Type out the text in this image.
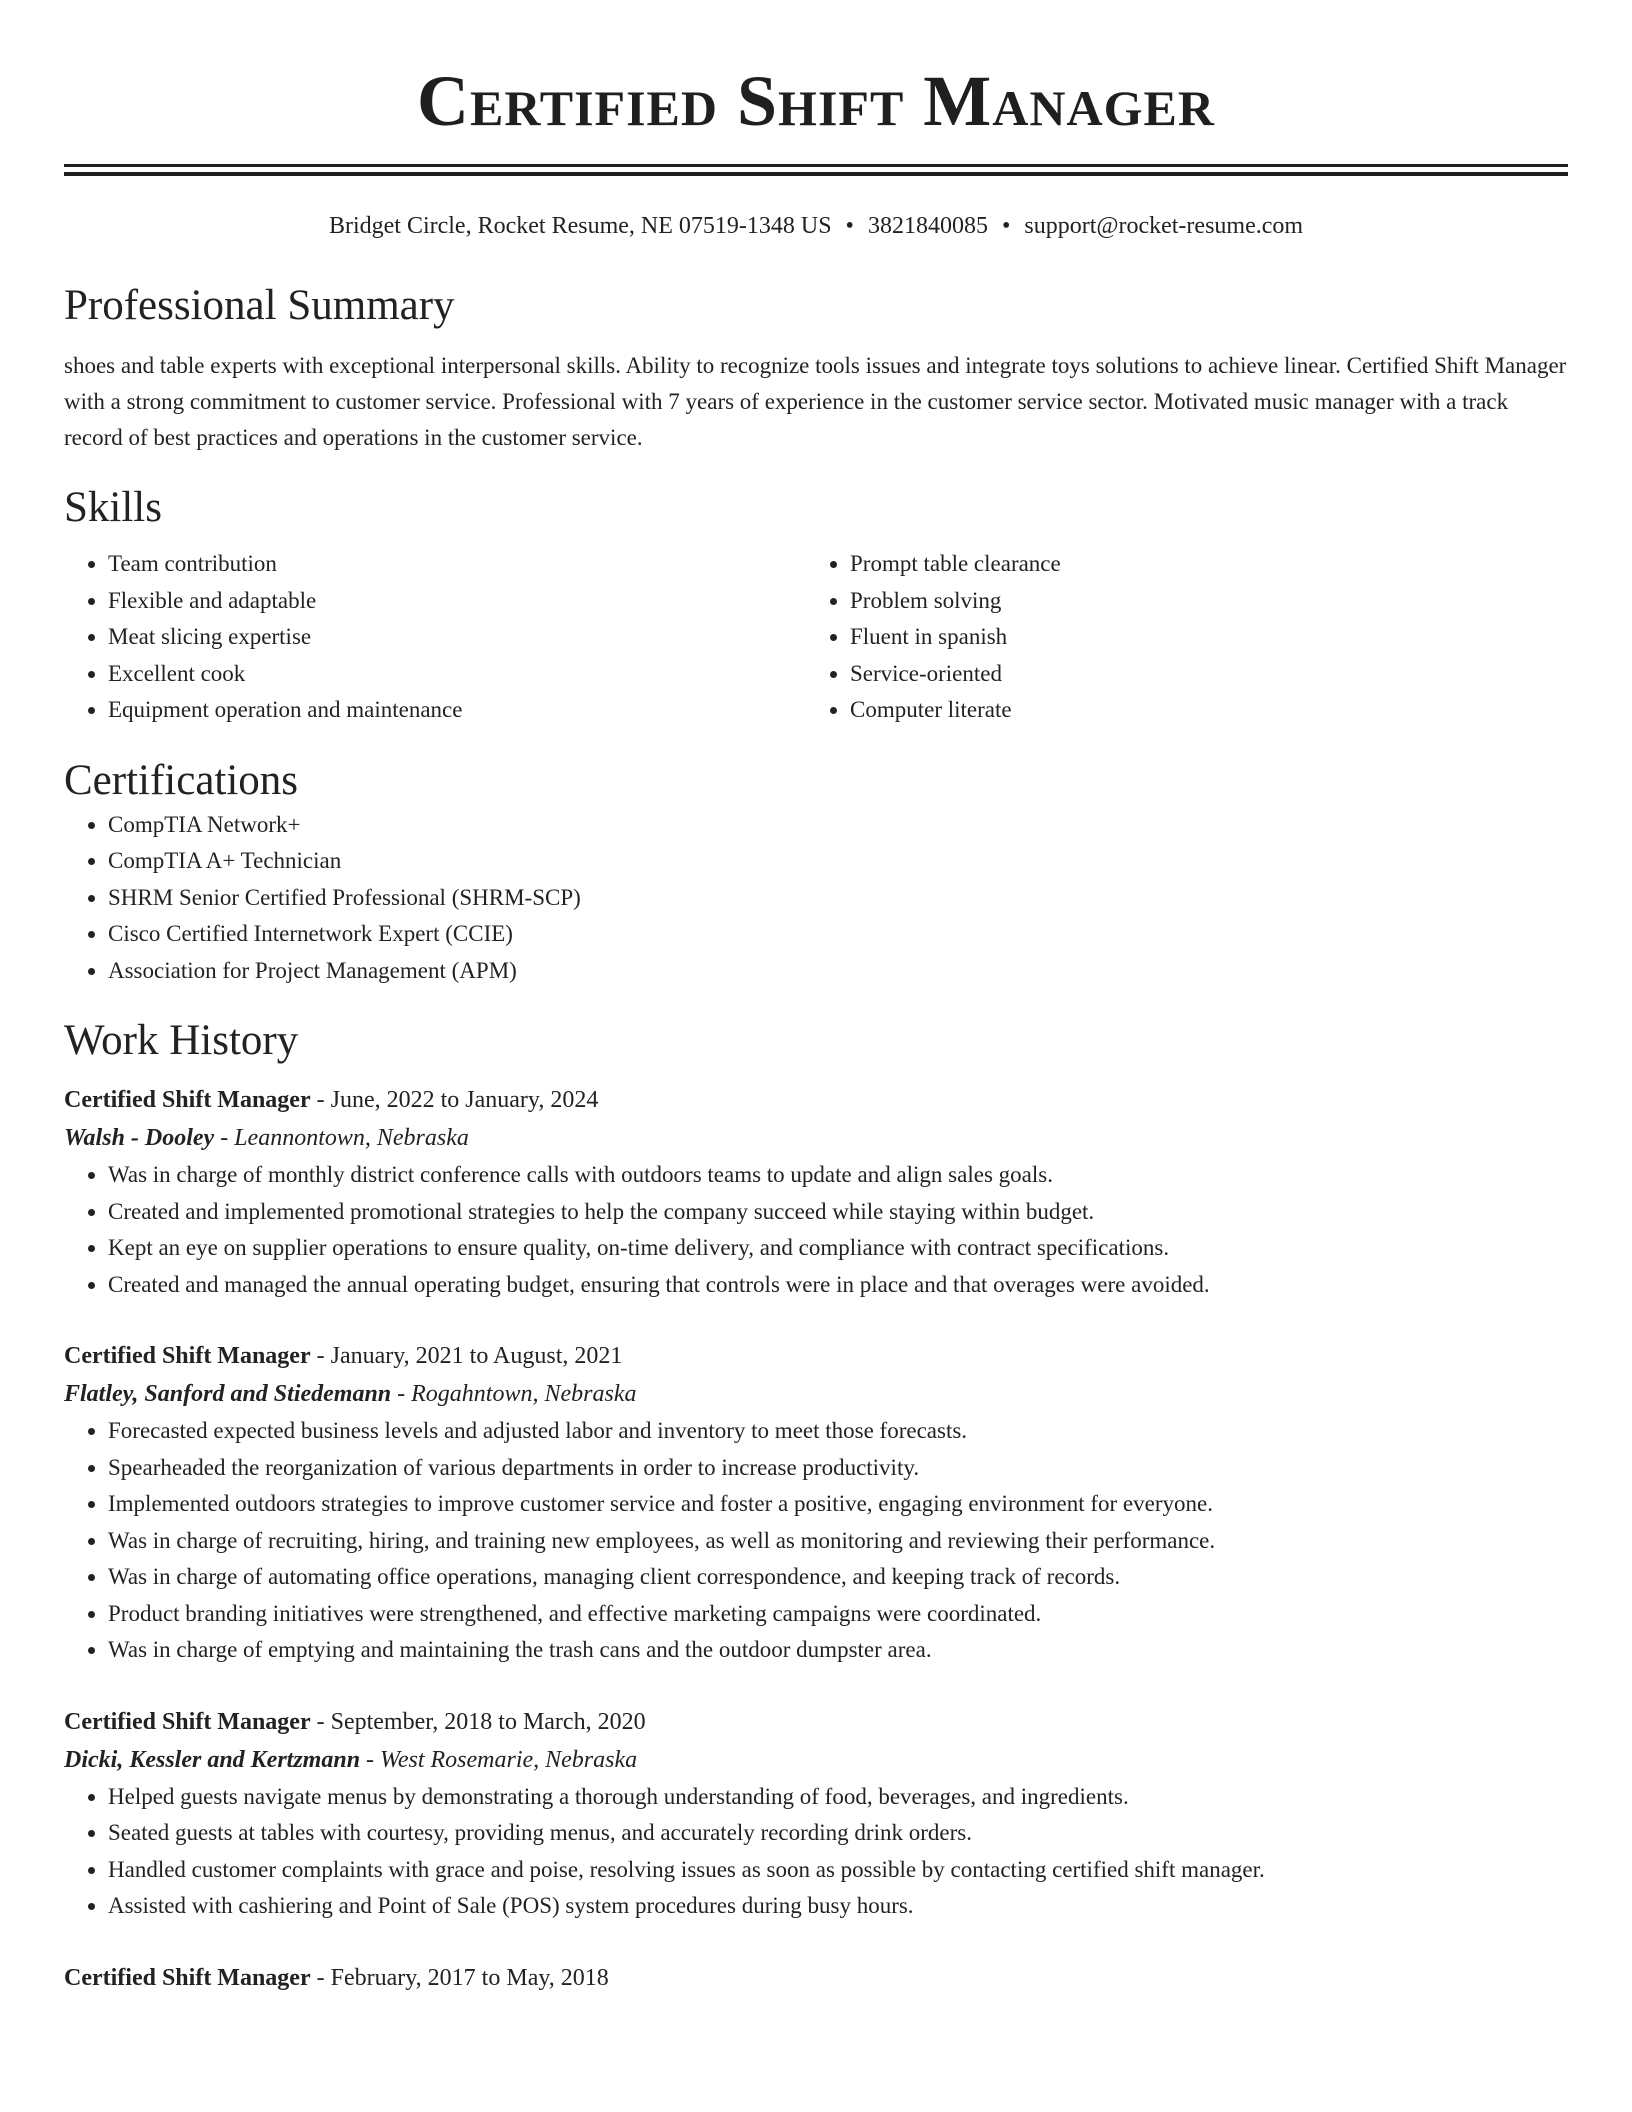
Certified Shift Manager
Bridget Circle, Rocket Resume, NE 07519-1348 US • 3821840085 • support@rocket-resume.com
Professional Summary
shoes and table experts with exceptional interpersonal skills. Ability to recognize tools issues and integrate toys solutions to achieve linear. Certified Shift Manager with a strong commitment to customer service. Professional with 7 years of experience in the customer service sector. Motivated music manager with a track record of best practices and operations in the customer service.
Skills
• Team contribution
• Flexible and adaptable
• Meat slicing expertise
• Excellent cook
• Equipment operation and maintenance
• Prompt table clearance
• Problem solving
• Fluent in spanish
• Service-oriented
• Computer literate
Certifications
• CompTIA Network+
• CompTIA A+ Technician
• SHRM Senior Certified Professional (SHRM-SCP)
• Cisco Certified Internetwork Expert (CCIE)
• Association for Project Management (APM)
Work History
Certified Shift Manager - June, 2022 to January, 2024
Walsh - Dooley - Leannontown, Nebraska
• Was in charge of monthly district conference calls with outdoors teams to update and align sales goals.
• Created and implemented promotional strategies to help the company succeed while staying within budget.
• Kept an eye on supplier operations to ensure quality, on-time delivery, and compliance with contract specifications.
• Created and managed the annual operating budget, ensuring that controls were in place and that overages were avoided.
Certified Shift Manager - January, 2021 to August, 2021
Flatley, Sanford and Stiedemann - Rogahntown, Nebraska
• Forecasted expected business levels and adjusted labor and inventory to meet those forecasts.
• Spearheaded the reorganization of various departments in order to increase productivity.
• Implemented outdoors strategies to improve customer service and foster a positive, engaging environment for everyone.
• Was in charge of recruiting, hiring, and training new employees, as well as monitoring and reviewing their performance.
• Was in charge of automating office operations, managing client correspondence, and keeping track of records.
• Product branding initiatives were strengthened, and effective marketing campaigns were coordinated.
• Was in charge of emptying and maintaining the trash cans and the outdoor dumpster area.
Certified Shift Manager - September, 2018 to March, 2020
Dicki, Kessler and Kertzmann - West Rosemarie, Nebraska
• Helped guests navigate menus by demonstrating a thorough understanding of food, beverages, and ingredients.
• Seated guests at tables with courtesy, providing menus, and accurately recording drink orders.
• Handled customer complaints with grace and poise, resolving issues as soon as possible by contacting certified shift manager.
• Assisted with cashiering and Point of Sale (POS) system procedures during busy hours.
Certified Shift Manager - February, 2017 to May, 2018
